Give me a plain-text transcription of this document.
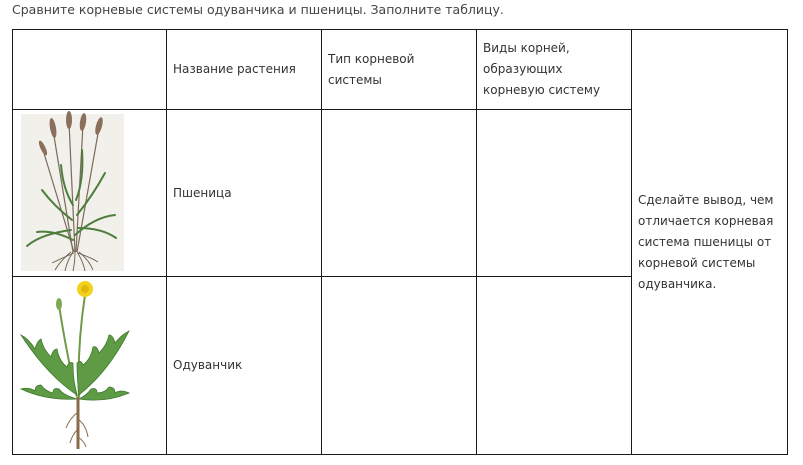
Сравните корневые системы одуванчика и пшеницы. Заполните таблицу.
	Название растения	Тип корневой системы	Виды корней, образующих корневую систему	Сделайте вывод, чем отличается корневая система пшеницы от корневой системы одуванчика.

	Пшеница			

	Одуванчик			
